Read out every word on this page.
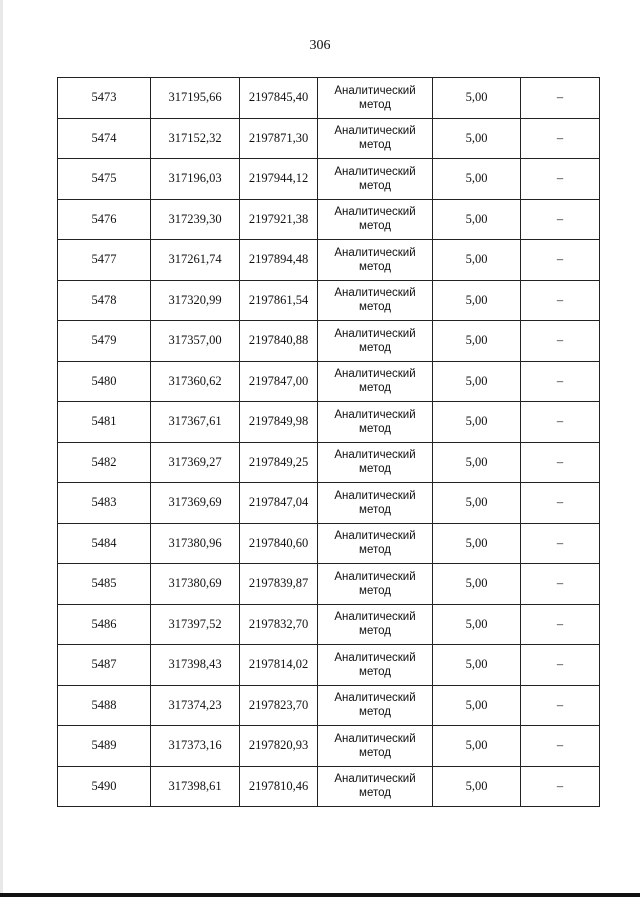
306
5473	317195,66	2197845,40	Аналитический метод	5,00	–
5474	317152,32	2197871,30	Аналитический метод	5,00	–
5475	317196,03	2197944,12	Аналитический метод	5,00	–
5476	317239,30	2197921,38	Аналитический метод	5,00	–
5477	317261,74	2197894,48	Аналитический метод	5,00	–
5478	317320,99	2197861,54	Аналитический метод	5,00	–
5479	317357,00	2197840,88	Аналитический метод	5,00	–
5480	317360,62	2197847,00	Аналитический метод	5,00	–
5481	317367,61	2197849,98	Аналитический метод	5,00	–
5482	317369,27	2197849,25	Аналитический метод	5,00	–
5483	317369,69	2197847,04	Аналитический метод	5,00	–
5484	317380,96	2197840,60	Аналитический метод	5,00	–
5485	317380,69	2197839,87	Аналитический метод	5,00	–
5486	317397,52	2197832,70	Аналитический метод	5,00	–
5487	317398,43	2197814,02	Аналитический метод	5,00	–
5488	317374,23	2197823,70	Аналитический метод	5,00	–
5489	317373,16	2197820,93	Аналитический метод	5,00	–
5490	317398,61	2197810,46	Аналитический метод	5,00	–
